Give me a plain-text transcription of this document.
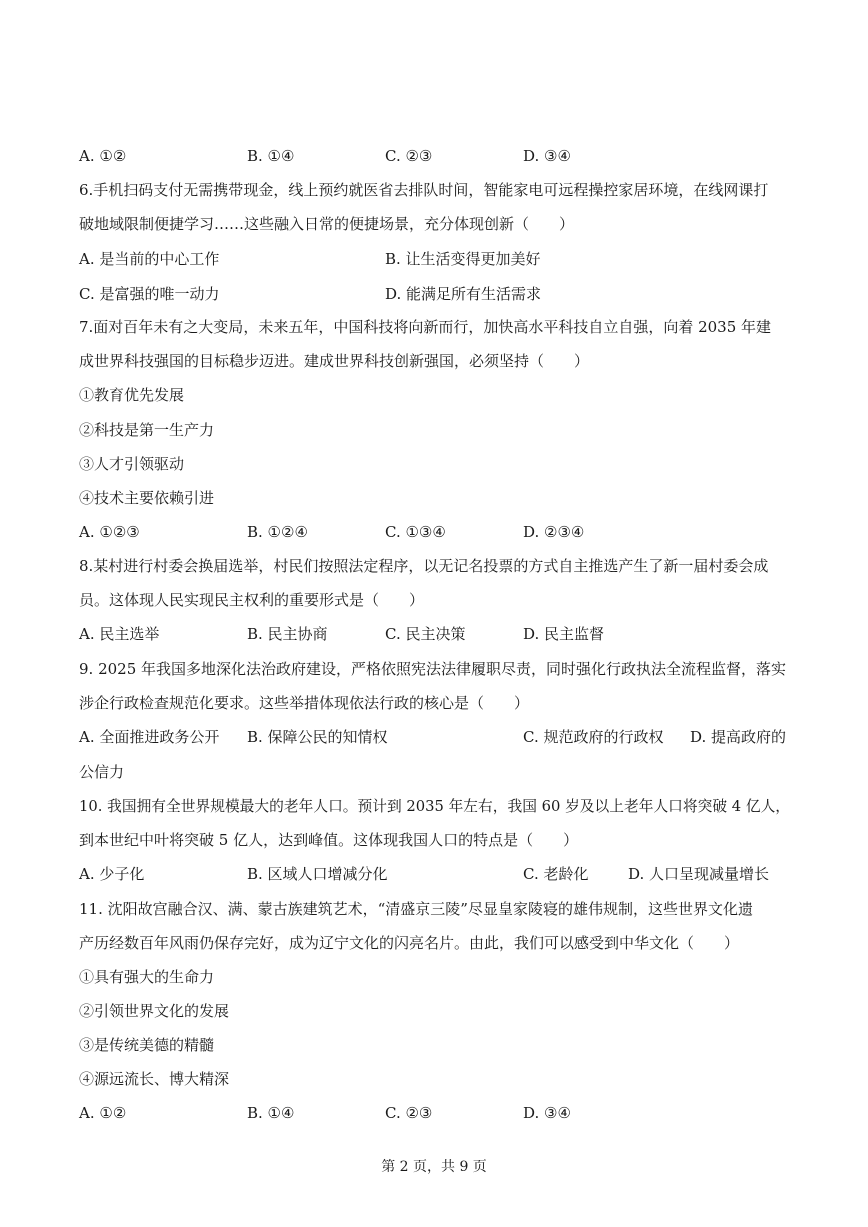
A. ①②	B. ①④	C. ②③	D. ③④
6.手机扫码支付无需携带现金，线上预约就医省去排队时间，智能家电可远程操控家居环境，在线网课打
破地域限制便捷学习……这些融入日常的便捷场景，充分体现创新（　　）
A. 是当前的中心工作	B. 让生活变得更加美好
C. 是富强的唯一动力	D. 能满足所有生活需求
7.面对百年未有之大变局，未来五年，中国科技将向新而行，加快高水平科技自立自强，向着 2035 年建
成世界科技强国的目标稳步迈进。建成世界科技创新强国，必须坚持（　　）
①教育优先发展
②科技是第一生产力
③人才引领驱动
④技术主要依赖引进
A. ①②③	B. ①②④	C. ①③④	D. ②③④
8.某村进行村委会换届选举，村民们按照法定程序，以无记名投票的方式自主推选产生了新一届村委会成
员。这体现人民实现民主权利的重要形式是（　　）
A. 民主选举	B. 民主协商	C. 民主决策	D. 民主监督
9. 2025 年我国多地深化法治政府建设，严格依照宪法法律履职尽责，同时强化行政执法全流程监督，落实
涉企行政检查规范化要求。这些举措体现依法行政的核心是（　　）
A. 全面推进政务公开 B. 保障公民的知情权	C. 规范政府的行政权 D. 提高政府的
公信力
10. 我国拥有全世界规模最大的老年人口。预计到 2035 年左右，我国 60 岁及以上老年人口将突破 4 亿人，
到本世纪中叶将突破 5 亿人，达到峰值。这体现我国人口的特点是（　　）
A. 少子化	B. 区域人口增减分化	C. 老龄化	D. 人口呈现减量增长
11. 沈阳故宫融合汉、满、蒙古族建筑艺术，“清盛京三陵”尽显皇家陵寝的雄伟规制，这些世界文化遗
产历经数百年风雨仍保存完好，成为辽宁文化的闪亮名片。由此，我们可以感受到中华文化（　　）
①具有强大的生命力
②引领世界文化的发展
③是传统美德的精髓
④源远流长、博大精深
A. ①②	B. ①④	C. ②③	D. ③④
第 2 页，共 9 页
